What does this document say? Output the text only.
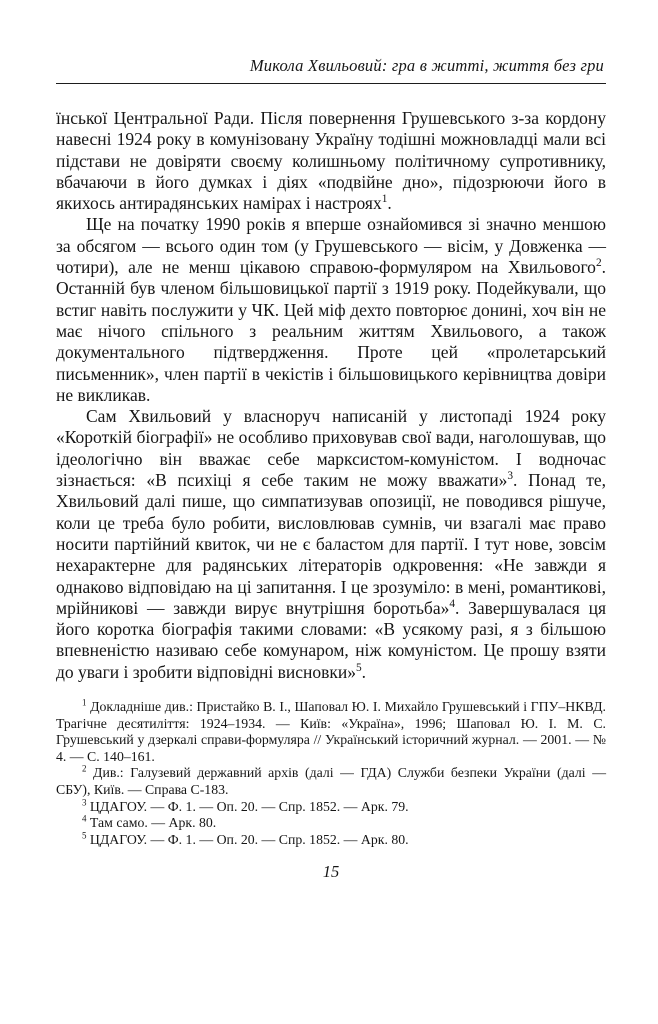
Микола Хвильовий: гра в житті, життя без гри

їнської Центральної Ради. Після повернення Грушевського з-за кордону навесні 1924 року в комунізовану Україну тодішні можновладці мали всі підстави не довіряти своєму колишньому політичному супротивнику, вбачаючи в його думках і діях «подвійне дно», підозрюючи його в якихось антирадянських намірах і настроях$^1$.

Ще на початку 1990 років я вперше ознайомився зі значно меншою за обсягом — всього один том (у Грушевського — вісім, у Довженка — чотири), але не менш цікавою справою-формуляром на Хвильового$^2$. Останній був членом більшовицької партії з 1919 року. Подейкували, що встиг навіть послужити у ЧК. Цей міф дехто повторює донині, хоч він не має нічого спільного з реальним життям Хвильового, а також документального підтвердження. Проте цей «пролетарський письменник», член партії в чекістів і більшовицького керівництва довіри не викликав.

Сам Хвильовий у власноруч написаній у листопаді 1924 року «Короткій біографії» не особливо приховував свої вади, наголошував, що ідеологічно він вважає себе марксистом-комуністом. І водночас зізнається: «В психіці я себе таким не можу вважати»$^3$. Понад те, Хвильовий далі пише, що симпатизував опозиції, не поводився рішуче, коли це треба було робити, висловлював сумнів, чи взагалі має право носити партійний квиток, чи не є баластом для партії. І тут нове, зовсім нехарактерне для радянських літераторів одкровення: «Не завжди я однаково відповідаю на ці запитання. І це зрозуміло: в мені, романтикові, мрійникові — завжди вирує внутрішня боротьба»$^4$. Завершувалася ця його коротка біографія такими словами: «В усякому разі, я з більшою впевненістю називаю себе комунаром, ніж комуністом. Це прошу взяти до уваги і зробити відповідні висновки»$^5$.

$^1$ Докладніше див.: Пристайко В. І., Шаповал Ю. І. Михайло Грушевський і ГПУ–НКВД. Трагічне десятиліття: 1924–1934. — Київ: «Україна», 1996; Шаповал Ю. І. М. С. Грушевський у дзеркалі справи-формуляра // Український історичний журнал. — 2001. — № 4. — С. 140–161.

$^2$ Див.: Галузевий державний архів (далі — ГДА) Служби безпеки України (далі — СБУ), Київ. — Справа С-183.

$^3$ ЦДАГОУ. — Ф. 1. — Оп. 20. — Спр. 1852. — Арк. 79.

$^4$ Там само. — Арк. 80.

$^5$ ЦДАГОУ. — Ф. 1. — Оп. 20. — Спр. 1852. — Арк. 80.

15
